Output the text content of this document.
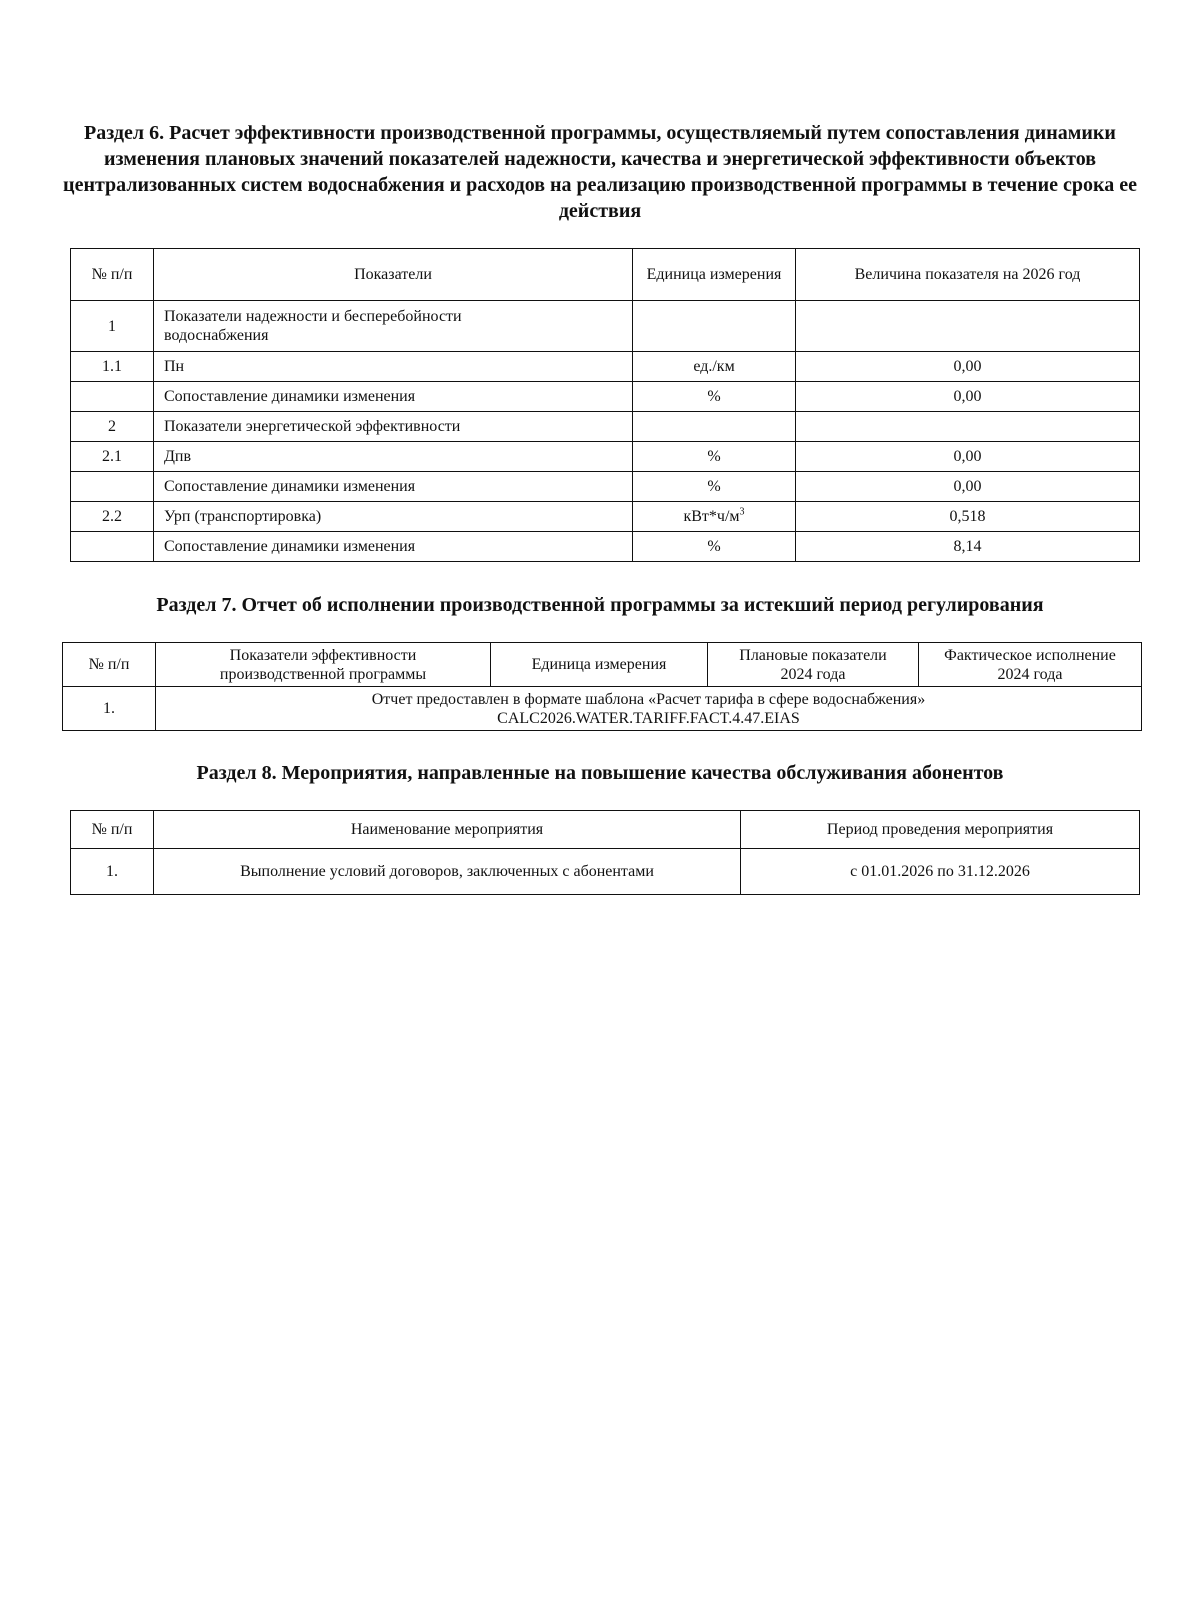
Раздел 6. Расчет эффективности производственной программы, осуществляемый путем сопоставления динамики изменения плановых значений показателей надежности, качества и энергетической эффективности объектов централизованных систем водоснабжения и расходов на реализацию производственной программы в течение срока ее действия
№ п/п	Показатели	Единица измерения	Величина показателя на 2026 год
1	Показатели надежности и бесперебойности водоснабжения		
1.1	Пн	ед./км	0,00
	Сопоставление динамики изменения	%	0,00
2	Показатели энергетической эффективности		
2.1	Дпв	%	0,00
	Сопоставление динамики изменения	%	0,00
2.2	Урп (транспортировка)	$кВт*ч/м^3$	0,518
	Сопоставление динамики изменения	%	8,14
Раздел 7. Отчет об исполнении производственной программы за истекший период регулирования
№ п/п	Показатели эффективности производственной программы	Единица измерения	Плановые показатели 2024 года	Фактическое исполнение 2024 года
1.	Отчет предоставлен в формате шаблона «Расчет тарифа в сфере водоснабжения»
CALC2026.WATER.TARIFF.FACT.4.47.EIAS			
Раздел 8. Мероприятия, направленные на повышение качества обслуживания абонентов
№ п/п	Наименование мероприятия	Период проведения мероприятия
1.	Выполнение условий договоров, заключенных с абонентами	с 01.01.2026 по 31.12.2026
